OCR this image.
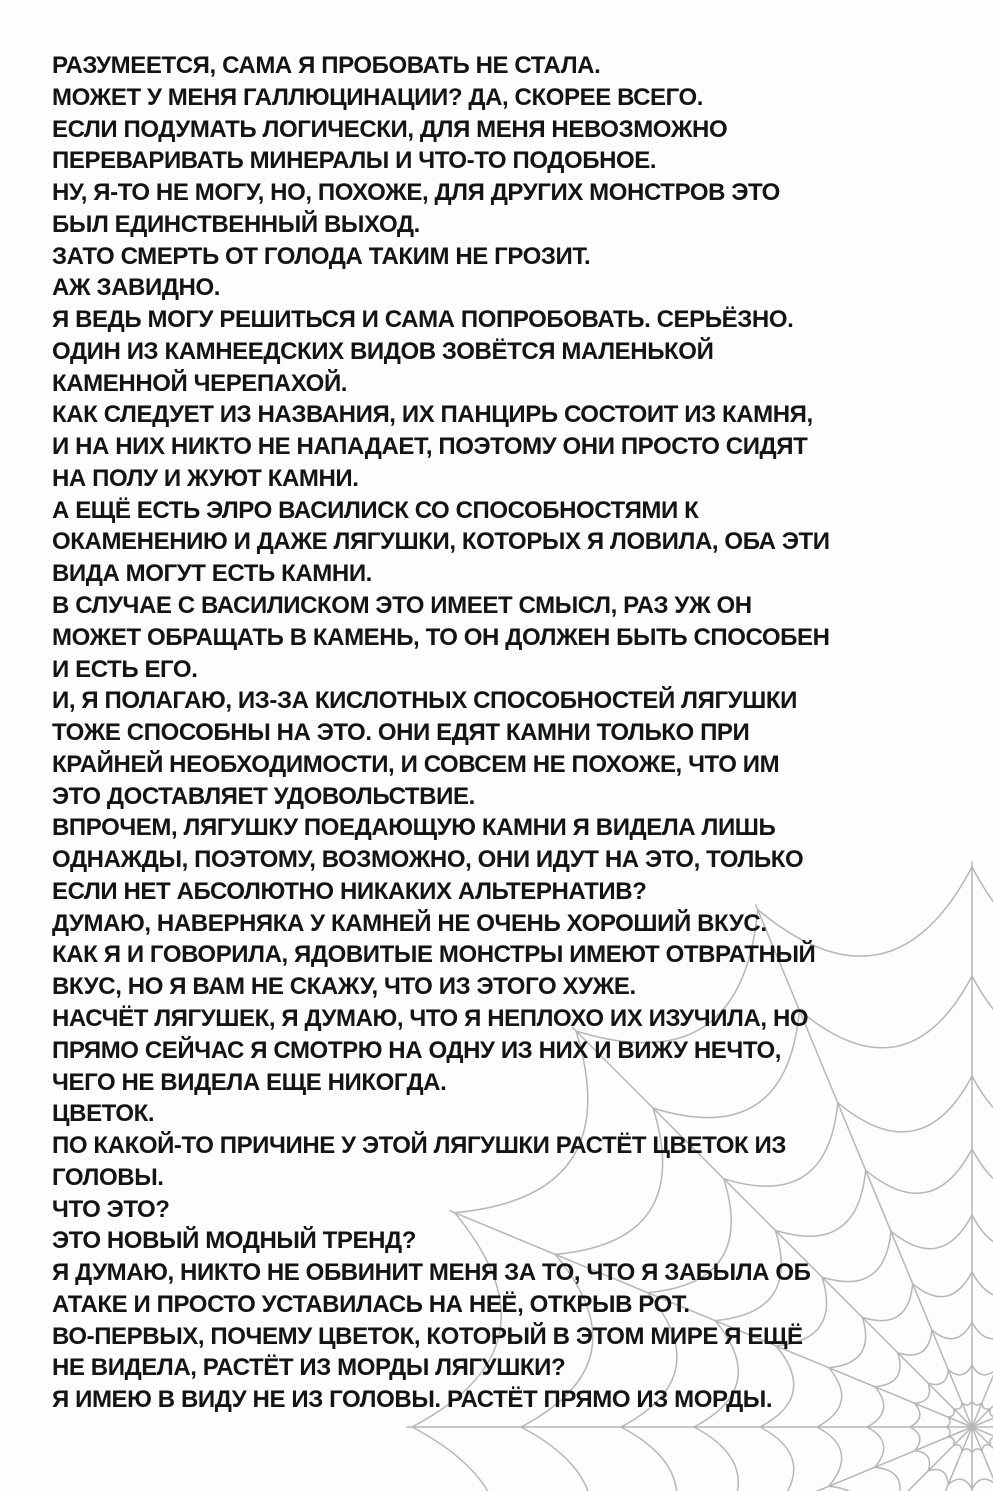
РАЗУМЕЕТСЯ, САМА Я ПРОБОВАТЬ НЕ СТАЛА.
МОЖЕТ У МЕНЯ ГАЛЛЮЦИНАЦИИ? ДА, СКОРЕЕ ВСЕГО.
ЕСЛИ ПОДУМАТЬ ЛОГИЧЕСКИ, ДЛЯ МЕНЯ НЕВОЗМОЖНО
ПЕРЕВАРИВАТЬ МИНЕРАЛЫ И ЧТО-ТО ПОДОБНОЕ.
НУ, Я-ТО НЕ МОГУ, НО, ПОХОЖЕ, ДЛЯ ДРУГИХ МОНСТРОВ ЭТО
БЫЛ ЕДИНСТВЕННЫЙ ВЫХОД.
ЗАТО СМЕРТЬ ОТ ГОЛОДА ТАКИМ НЕ ГРОЗИТ.
АЖ ЗАВИДНО.
Я ВЕДЬ МОГУ РЕШИТЬСЯ И САМА ПОПРОБОВАТЬ. СЕРЬЁЗНО.
ОДИН ИЗ КАМНЕЕДСКИХ ВИДОВ ЗОВЁТСЯ МАЛЕНЬКОЙ
КАМЕННОЙ ЧЕРЕПАХОЙ.
КАК СЛЕДУЕТ ИЗ НАЗВАНИЯ, ИХ ПАНЦИРЬ СОСТОИТ ИЗ КАМНЯ,
И НА НИХ НИКТО НЕ НАПАДАЕТ, ПОЭТОМУ ОНИ ПРОСТО СИДЯТ
НА ПОЛУ И ЖУЮТ КАМНИ.
А ЕЩЁ ЕСТЬ ЭЛРО ВАСИЛИСК СО СПОСОБНОСТЯМИ К
ОКАМЕНЕНИЮ И ДАЖЕ ЛЯГУШКИ, КОТОРЫХ Я ЛОВИЛА, ОБА ЭТИ
ВИДА МОГУТ ЕСТЬ КАМНИ.
В СЛУЧАЕ С ВАСИЛИСКОМ ЭТО ИМЕЕТ СМЫСЛ, РАЗ УЖ ОН
МОЖЕТ ОБРАЩАТЬ В КАМЕНЬ, ТО ОН ДОЛЖЕН БЫТЬ СПОСОБЕН
И ЕСТЬ ЕГО.
И, Я ПОЛАГАЮ, ИЗ-ЗА КИСЛОТНЫХ СПОСОБНОСТЕЙ ЛЯГУШКИ
ТОЖЕ СПОСОБНЫ НА ЭТО. ОНИ ЕДЯТ КАМНИ ТОЛЬКО ПРИ
КРАЙНЕЙ НЕОБХОДИМОСТИ, И СОВСЕМ НЕ ПОХОЖЕ, ЧТО ИМ
ЭТО ДОСТАВЛЯЕТ УДОВОЛЬСТВИЕ.
ВПРОЧЕМ, ЛЯГУШКУ ПОЕДАЮЩУЮ КАМНИ Я ВИДЕЛА ЛИШЬ
ОДНАЖДЫ, ПОЭТОМУ, ВОЗМОЖНО, ОНИ ИДУТ НА ЭТО, ТОЛЬКО
ЕСЛИ НЕТ АБСОЛЮТНО НИКАКИХ АЛЬТЕРНАТИВ?
ДУМАЮ, НАВЕРНЯКА У КАМНЕЙ НЕ ОЧЕНЬ ХОРОШИЙ ВКУС.
КАК Я И ГОВОРИЛА, ЯДОВИТЫЕ МОНСТРЫ ИМЕЮТ ОТВРАТНЫЙ
ВКУС, НО Я ВАМ НЕ СКАЖУ, ЧТО ИЗ ЭТОГО ХУЖЕ.
НАСЧЁТ ЛЯГУШЕК, Я ДУМАЮ, ЧТО Я НЕПЛОХО ИХ ИЗУЧИЛА, НО
ПРЯМО СЕЙЧАС Я СМОТРЮ НА ОДНУ ИЗ НИХ И ВИЖУ НЕЧТО,
ЧЕГО НЕ ВИДЕЛА ЕЩЕ НИКОГДА.
ЦВЕТОК.
ПО КАКОЙ-ТО ПРИЧИНЕ У ЭТОЙ ЛЯГУШКИ РАСТЁТ ЦВЕТОК ИЗ
ГОЛОВЫ.
ЧТО ЭТО?
ЭТО НОВЫЙ МОДНЫЙ ТРЕНД?
Я ДУМАЮ, НИКТО НЕ ОБВИНИТ МЕНЯ ЗА ТО, ЧТО Я ЗАБЫЛА ОБ
АТАКЕ И ПРОСТО УСТАВИЛАСЬ НА НЕЁ, ОТКРЫВ РОТ.
ВО-ПЕРВЫХ, ПОЧЕМУ ЦВЕТОК, КОТОРЫЙ В ЭТОМ МИРЕ Я ЕЩЁ
НЕ ВИДЕЛА, РАСТЁТ ИЗ МОРДЫ ЛЯГУШКИ?
Я ИМЕЮ В ВИДУ НЕ ИЗ ГОЛОВЫ. РАСТЁТ ПРЯМО ИЗ МОРДЫ.
